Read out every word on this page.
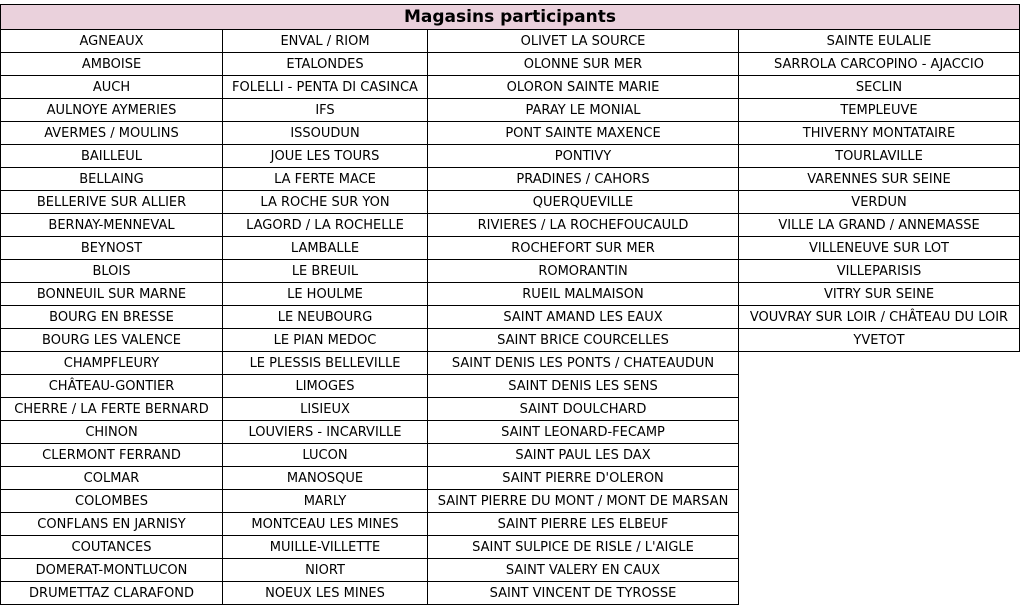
Magasins participants
AGNEAUX	ENVAL / RIOM	OLIVET LA SOURCE	SAINTE EULALIE
AMBOISE	ETALONDES	OLONNE SUR MER	SARROLA CARCOPINO - AJACCIO
AUCH	FOLELLI - PENTA DI CASINCA	OLORON SAINTE MARIE	SECLIN
AULNOYE AYMERIES	IFS	PARAY LE MONIAL	TEMPLEUVE
AVERMES / MOULINS	ISSOUDUN	PONT SAINTE MAXENCE	THIVERNY MONTATAIRE
BAILLEUL	JOUE LES TOURS	PONTIVY	TOURLAVILLE
BELLAING	LA FERTE MACE	PRADINES / CAHORS	VARENNES SUR SEINE
BELLERIVE SUR ALLIER	LA ROCHE SUR YON	QUERQUEVILLE	VERDUN
BERNAY-MENNEVAL	LAGORD / LA ROCHELLE	RIVIERES / LA ROCHEFOUCAULD	VILLE LA GRAND / ANNEMASSE
BEYNOST	LAMBALLE	ROCHEFORT SUR MER	VILLENEUVE SUR LOT
BLOIS	LE BREUIL	ROMORANTIN	VILLEPARISIS
BONNEUIL SUR MARNE	LE HOULME	RUEIL MALMAISON	VITRY SUR SEINE
BOURG EN BRESSE	LE NEUBOURG	SAINT AMAND LES EAUX	VOUVRAY SUR LOIR / CHÂTEAU DU LOIR
BOURG LES VALENCE	LE PIAN MEDOC	SAINT BRICE COURCELLES	YVETOT
CHAMPFLEURY	LE PLESSIS BELLEVILLE	SAINT DENIS LES PONTS / CHATEAUDUN
CHÂTEAU-GONTIER	LIMOGES	SAINT DENIS LES SENS
CHERRE / LA FERTE BERNARD	LISIEUX	SAINT DOULCHARD
CHINON	LOUVIERS - INCARVILLE	SAINT LEONARD-FECAMP
CLERMONT FERRAND	LUCON	SAINT PAUL LES DAX
COLMAR	MANOSQUE	SAINT PIERRE D'OLERON
COLOMBES	MARLY	SAINT PIERRE DU MONT / MONT DE MARSAN
CONFLANS EN JARNISY	MONTCEAU LES MINES	SAINT PIERRE LES ELBEUF
COUTANCES	MUILLE-VILLETTE	SAINT SULPICE DE RISLE / L'AIGLE
DOMERAT-MONTLUCON	NIORT	SAINT VALERY EN CAUX
DRUMETTAZ CLARAFOND	NOEUX LES MINES	SAINT VINCENT DE TYROSSE
